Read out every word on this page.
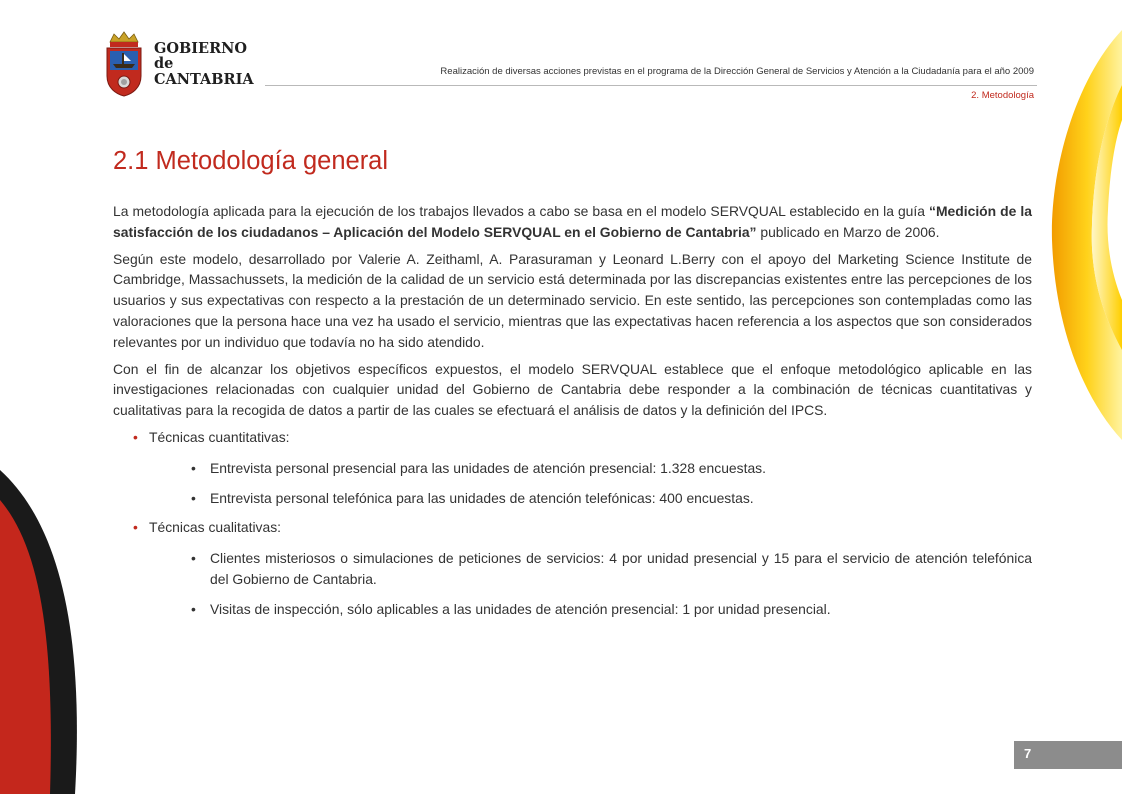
GOBIERNO
de
CANTABRIA	Realización de diversas acciones previstas en el programa de la Dirección General de Servicios y Atención a la Ciudadanía para el año 2009
2. Metodología
2.1 Metodología general

La metodología aplicada para la ejecución de los trabajos llevados a cabo se basa en el modelo SERVQUAL establecido en la guía “Medición de la satisfacción de los ciudadanos – Aplicación del Modelo SERVQUAL en el Gobierno de Cantabria” publicado en Marzo de 2006.

Según este modelo, desarrollado por Valerie A. Zeithaml, A. Parasuraman y Leonard L.Berry con el apoyo del Marketing Science Institute de Cambridge, Massachussets, la medición de la calidad de un servicio está determinada por las discrepancias existentes entre las percepciones de los usuarios y sus expectativas con respecto a la prestación de un determinado servicio. En este sentido, las percepciones son contempladas como las valoraciones que la persona hace una vez ha usado el servicio, mientras que las expectativas hacen referencia a los aspectos que son considerados relevantes por un individuo que todavía no ha sido atendido.

Con el fin de alcanzar los objetivos específicos expuestos, el modelo SERVQUAL establece que el enfoque metodológico aplicable en las investigaciones relacionadas con cualquier unidad del Gobierno de Cantabria debe responder a la combinación de técnicas cuantitativas y cualitativas para la recogida de datos a partir de las cuales se efectuará el análisis de datos y la definición del IPCS.

• Técnicas cuantitativas:
• Entrevista personal presencial para las unidades de atención presencial: 1.328 encuestas.
• Entrevista personal telefónica para las unidades de atención telefónicas: 400 encuestas.
• Técnicas cualitativas:
• Clientes misteriosos o simulaciones de peticiones de servicios: 4 por unidad presencial y 15 para el servicio de atención telefónica del Gobierno de Cantabria.
• Visitas de inspección, sólo aplicables a las unidades de atención presencial: 1 por unidad presencial.
7
